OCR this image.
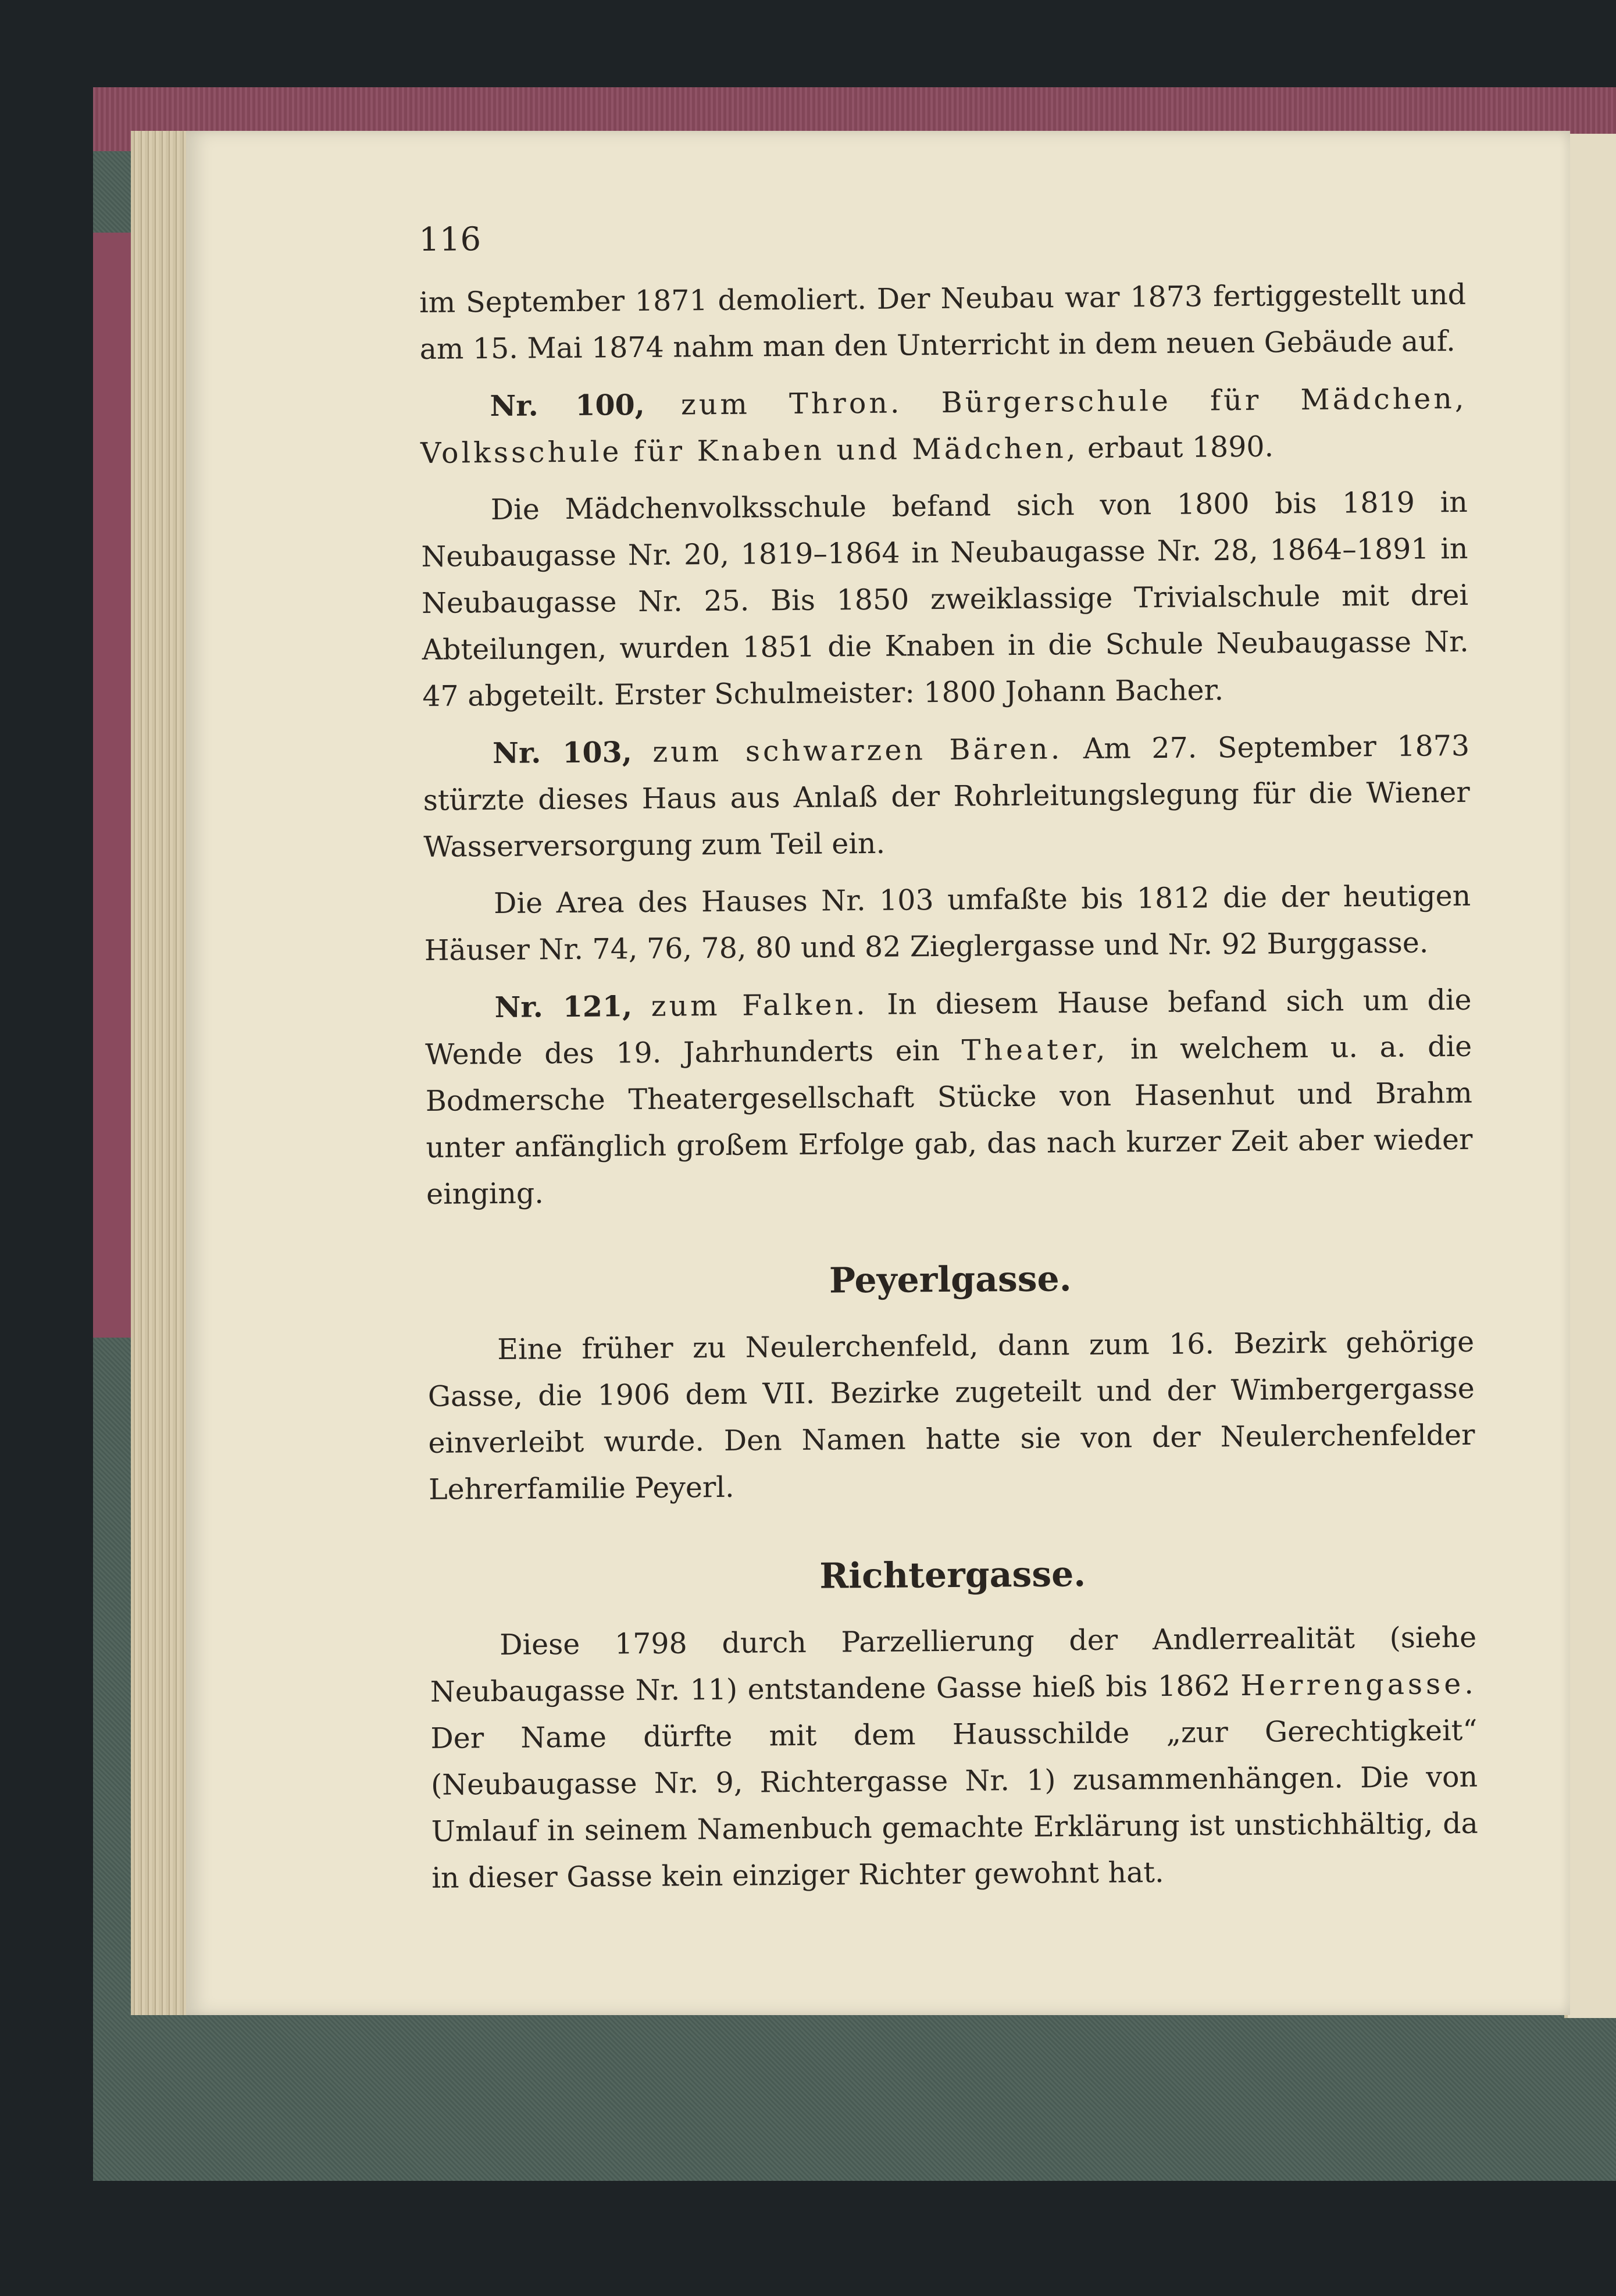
116

im September 1871 demoliert. Der Neubau war 1873 fertiggestellt und am 15. Mai 1874 nahm man den Unterricht in dem neuen Gebäude auf.

Nr. 100, zum Thron. Bürgerschule für Mädchen, Volksschule für Knaben und Mädchen, erbaut 1890.

Die Mädchenvolksschule befand sich von 1800 bis 1819 in Neubaugasse Nr. 20, 1819–1864 in Neubaugasse Nr. 28, 1864–1891 in Neubaugasse Nr. 25. Bis 1850 zweiklassige Trivialschule mit drei Abteilungen, wurden 1851 die Knaben in die Schule Neubaugasse Nr. 47 abgeteilt. Erster Schulmeister: 1800 Johann Bacher.

Nr. 103, zum schwarzen Bären. Am 27. September 1873 stürzte dieses Haus aus Anlaß der Rohrleitungslegung für die Wiener Wasserversorgung zum Teil ein.

Die Area des Hauses Nr. 103 umfaßte bis 1812 die der heutigen Häuser Nr. 74, 76, 78, 80 und 82 Zieglergasse und Nr. 92 Burggasse.

Nr. 121, zum Falken. In diesem Hause befand sich um die Wende des 19. Jahrhunderts ein Theater, in welchem u. a. die Bodmersche Theatergesellschaft Stücke von Hasenhut und Brahm unter anfänglich großem Erfolge gab, das nach kurzer Zeit aber wieder einging.

Peyerlgasse.

Eine früher zu Neulerchenfeld, dann zum 16. Bezirk gehörige Gasse, die 1906 dem VII. Bezirke zugeteilt und der Wimbergergasse einverleibt wurde. Den Namen hatte sie von der Neulerchenfelder Lehrerfamilie Peyerl.

Richtergasse.

Diese 1798 durch Parzellierung der Andlerrealität (siehe Neubaugasse Nr. 11) entstandene Gasse hieß bis 1862 Herrengasse. Der Name dürfte mit dem Hausschilde „zur Gerechtigkeit“ (Neubaugasse Nr. 9, Richtergasse Nr. 1) zusammenhängen. Die von Umlauf in seinem Namenbuch gemachte Erklärung ist unstichhältig, da in dieser Gasse kein einziger Richter gewohnt hat.
